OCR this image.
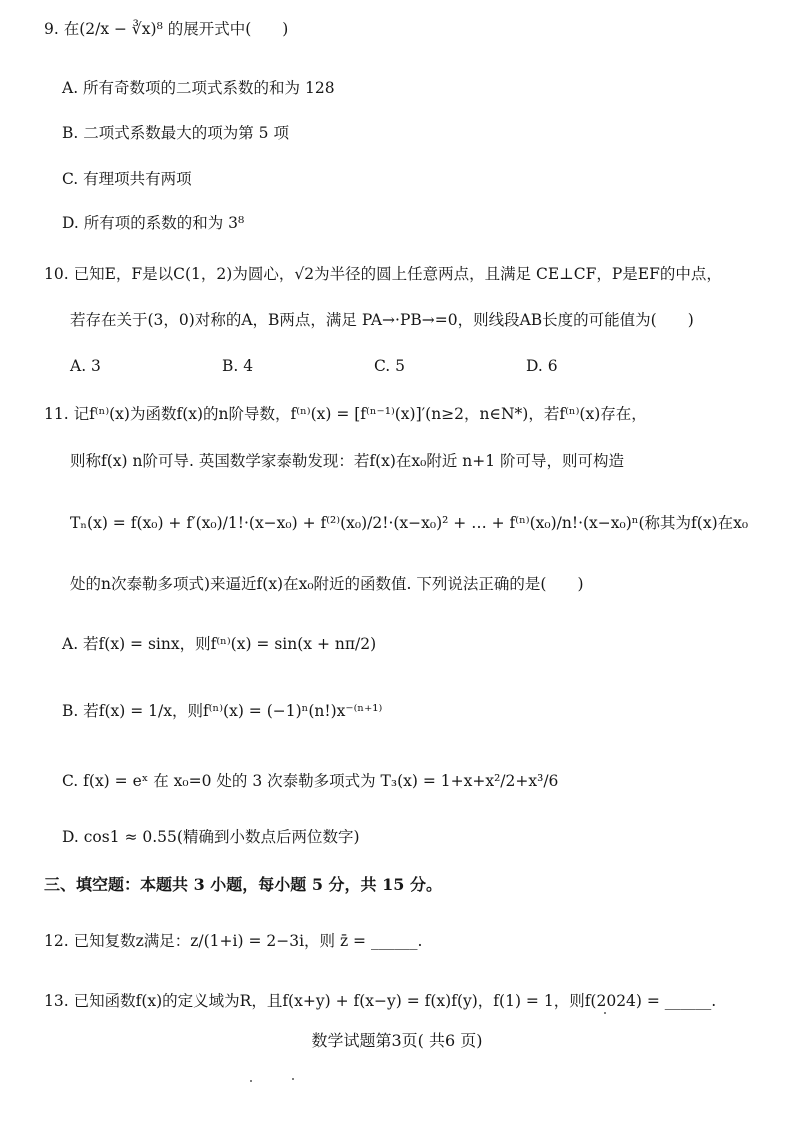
9. 在(2/x − ∛x)⁸ 的展开式中(　　)
A. 所有奇数项的二项式系数的和为 128
B. 二项式系数最大的项为第 5 项
C. 有理项共有两项
D. 所有项的系数的和为 3⁸
10. 已知E，F是以C(1，2)为圆心，√2为半径的圆上任意两点，且满足 CE⊥CF，P是EF的中点，
若存在关于(3，0)对称的A，B两点，满足 PA→·PB→=0，则线段AB长度的可能值为(　　)
A. 3	B. 4	C. 5	D. 6
11. 记f⁽ⁿ⁾(x)为函数f(x)的n阶导数，f⁽ⁿ⁾(x) = [f⁽ⁿ⁻¹⁾(x)]′(n≥2，n∈N*)，若f⁽ⁿ⁾(x)存在，
则称f(x) n阶可导. 英国数学家泰勒发现：若f(x)在x₀附近 n+1 阶可导，则可构造
Tₙ(x) = f(x₀) + f′(x₀)/1!·(x−x₀) + f⁽²⁾(x₀)/2!·(x−x₀)² + … + f⁽ⁿ⁾(x₀)/n!·(x−x₀)ⁿ(称其为f(x)在x₀
处的n次泰勒多项式)来逼近f(x)在x₀附近的函数值. 下列说法正确的是(　　)
A. 若f(x) = sinx，则f⁽ⁿ⁾(x) = sin(x + nπ/2)
B. 若f(x) = 1/x，则f⁽ⁿ⁾(x) = (−1)ⁿ(n!)x⁻⁽ⁿ⁺¹⁾
C. f(x) = eˣ 在 x₀=0 处的 3 次泰勒多项式为 T₃(x) = 1+x+x²/2+x³/6
D. cos1 ≈ 0.55(精确到小数点后两位数字)
三、填空题：本题共 3 小题，每小题 5 分，共 15 分。
12. 已知复数z满足：z/(1+i) = 2−3i，则 z̄ = ______.
13. 已知函数f(x)的定义域为R，且f(x+y) + f(x−y) = f(x)f(y)，f(1) = 1，则f(2024) = ______.
数学试题第3页( 共6 页)
